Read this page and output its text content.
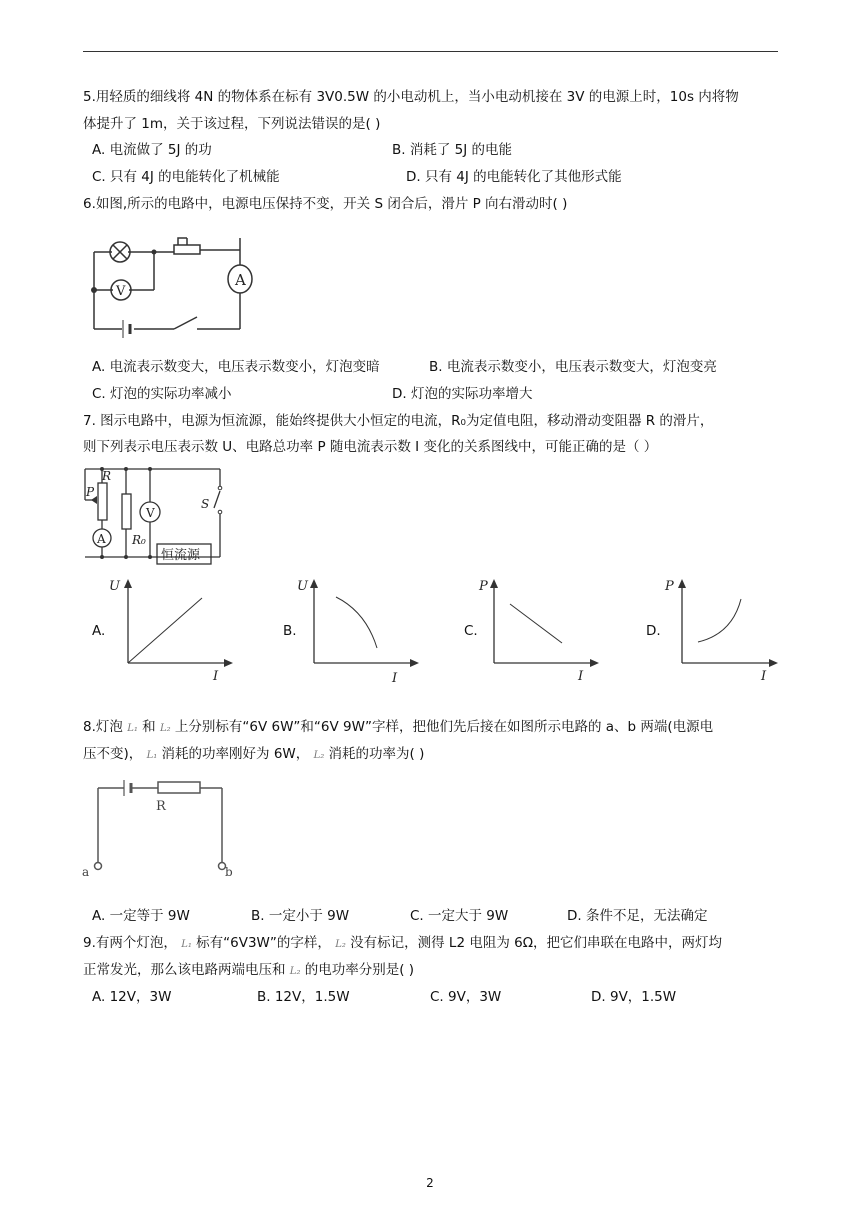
5.用轻质的细线将 4N 的物体系在标有 3V0.5W 的小电动机上，当小电动机接在 3V 的电源上时，10s 内将物
体提升了 1m，关于该过程，下列说法错误的是( )
A. 电流做了 5J 的功	B. 消耗了 5J 的电能
C. 只有 4J 的电能转化了机械能	D. 只有 4J 的电能转化了其他形式能
6.如图,所示的电路中，电源电压保持不变，开关 S 闭合后，滑片 P 向右滑动时( )
V
A
A. 电流表示数变大，电压表示数变小，灯泡变暗	B. 电流表示数变小，电压表示数变大，灯泡变亮
C. 灯泡的实际功率减小	D. 灯泡的实际功率增大
7. 图示电路中，电源为恒流源，能始终提供大小恒定的电流，R₀为定值电阻，移动滑动变阻器 R 的滑片，
则下列表示电压表示数 U、电路总功率 P 随电流表示数 I 变化的关系图线中，可能正确的是（ ）
R
P
R₀
S
V
A
恒流源
A.
U
I
B.
U
I
C.
P
I
D.
P
I
8.灯泡 L₁ 和 L₂ 上分别标有“6V 6W”和“6V 9W”字样，把他们先后接在如图所示电路的 a、b 两端(电源电
压不变)， L₁ 消耗的功率刚好为 6W， L₂ 消耗的功率为( )
R
a	b
A. 一定等于 9W	B. 一定小于 9W	C. 一定大于 9W	D. 条件不足，无法确定
9.有两个灯泡， L₁ 标有“6V3W”的字样， L₂ 没有标记，测得 L2 电阻为 6Ω，把它们串联在电路中，两灯均
正常发光，那么该电路两端电压和 L₂ 的电功率分别是( )
A. 12V，3W	B. 12V，1.5W	C. 9V，3W	D. 9V，1.5W
2
